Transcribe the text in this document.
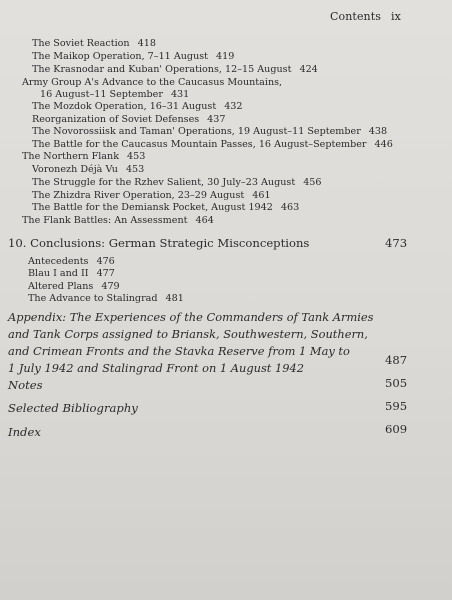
Contents ix
The Soviet Reaction 418
The Maikop Operation, 7–11 August 419
The Krasnodar and Kuban' Operations, 12–15 August 424
Army Group A's Advance to the Caucasus Mountains,
16 August–11 September 431
The Mozdok Operation, 16–31 August 432
Reorganization of Soviet Defenses 437
The Novorossiisk and Taman' Operations, 19 August–11 September 438
The Battle for the Caucasus Mountain Passes, 16 August–September 446
The Northern Flank 453
Voronezh Déjà Vu 453
The Struggle for the Rzhev Salient, 30 July–23 August 456
The Zhizdra River Operation, 23–29 August 461
The Battle for the Demiansk Pocket, August 1942 463
The Flank Battles: An Assessment 464
10. Conclusions: German Strategic Misconceptions	473
Antecedents 476
Blau I and II 477
Altered Plans 479
The Advance to Stalingrad 481
Appendix: The Experiences of the Commanders of Tank Armies
and Tank Corps assigned to Briansk, Southwestern, Southern,
and Crimean Fronts and the Stavka Reserve from 1 May to
1 July 1942 and Stalingrad Front on 1 August 1942
487
Notes	505
Selected Bibliography	595
Index	609
